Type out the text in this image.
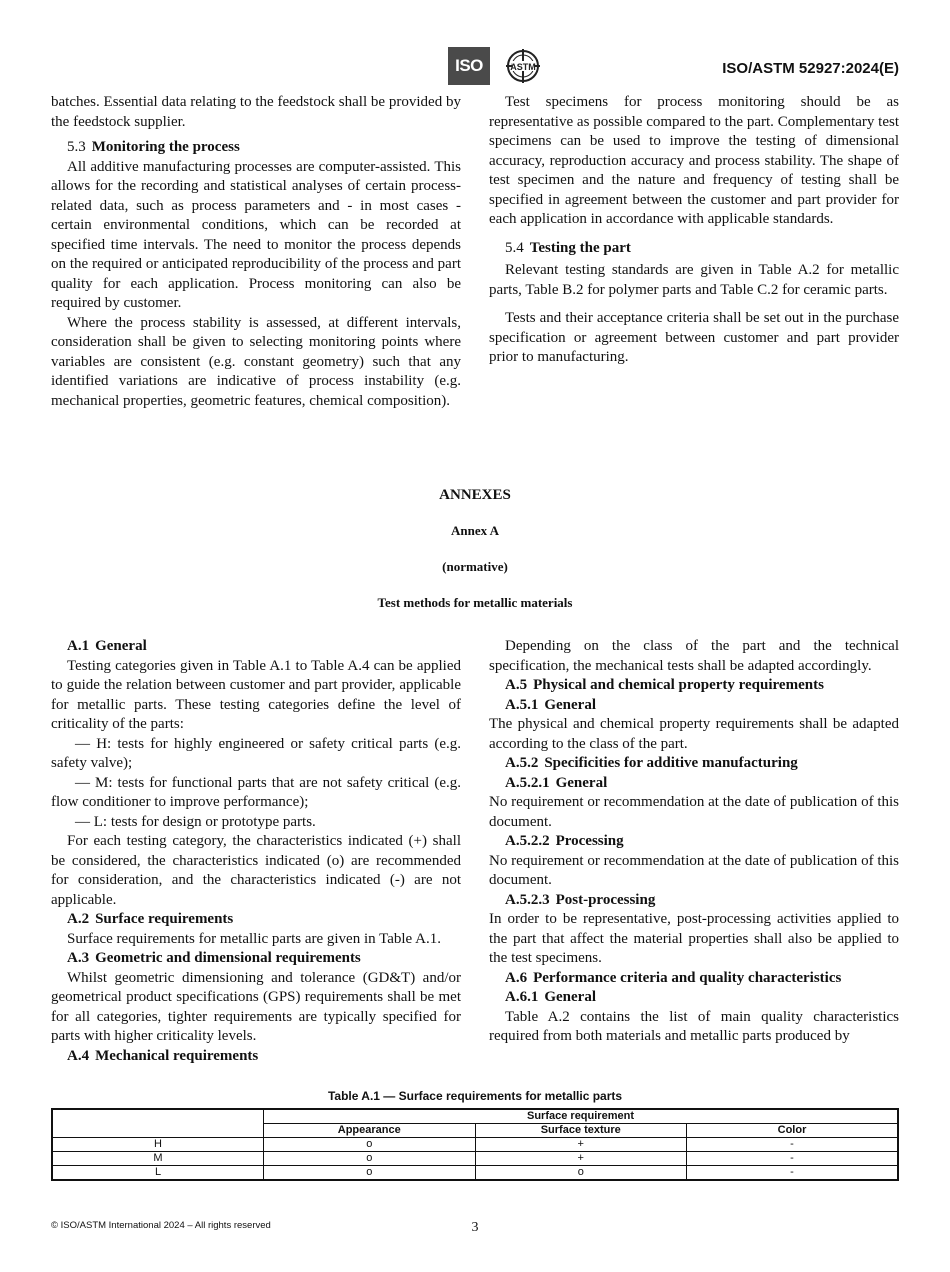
ISO	ASTM	ISO/ASTM 52927:2024(E)

batches. Essential data relating to the feedstock shall be provided by the feedstock supplier.

5.3 Monitoring the process

All additive manufacturing processes are computer-assisted. This allows for the recording and statistical analyses of certain process-related data, such as process parameters and - in most cases - certain environmental conditions, which can be recorded at specified time intervals. The need to monitor the process depends on the required or anticipated reproducibility of the process and part quality for each application. Process monitoring can also be required by customer.

Where the process stability is assessed, at different intervals, consideration shall be given to selecting monitoring points where variables are consistent (e.g. constant geometry) such that any identified variations are indicative of process instability (e.g. mechanical properties, geometric features, chemical composition).

Test specimens for process monitoring should be as representative as possible compared to the part. Complementary test specimens can be used to improve the testing of dimensional accuracy, reproduction accuracy and process stability. The shape of test specimen and the nature and frequency of testing shall be specified in agreement between the customer and part provider for each application in accordance with applicable standards.

5.4 Testing the part

Relevant testing standards are given in Table A.2 for metallic parts, Table B.2 for polymer parts and Table C.2 for ceramic parts.

Tests and their acceptance criteria shall be set out in the purchase specification or agreement between customer and part provider prior to manufacturing.

ANNEXES
Annex A
(normative)
Test methods for metallic materials
A.1 General

Testing categories given in Table A.1 to Table A.4 can be applied to guide the relation between customer and part provider, applicable for metallic parts. These testing categories define the level of criticality of the parts:

— H: tests for highly engineered or safety critical parts (e.g. safety valve);

— M: tests for functional parts that are not safety critical (e.g. flow conditioner to improve performance);

— L: tests for design or prototype parts.

For each testing category, the characteristics indicated (+) shall be considered, the characteristics indicated (o) are recommended for consideration, and the characteristics indicated (-) are not applicable.

A.2 Surface requirements

Surface requirements for metallic parts are given in Table A.1.

A.3 Geometric and dimensional requirements

Whilst geometric dimensioning and tolerance (GD&T) and/or geometrical product specifications (GPS) requirements shall be met for all categories, tighter requirements are typically specified for parts with higher criticality levels.

A.4 Mechanical requirements

Depending on the class of the part and the technical specification, the mechanical tests shall be adapted accordingly.

A.5 Physical and chemical property requirements
A.5.1 General

The physical and chemical property requirements shall be adapted according to the class of the part.

A.5.2 Specificities for additive manufacturing
A.5.2.1 General

No requirement or recommendation at the date of publication of this document.

A.5.2.2 Processing

No requirement or recommendation at the date of publication of this document.

A.5.2.3 Post-processing

In order to be representative, post-processing activities applied to the part that affect the material properties shall also be applied to the test specimens.

A.6 Performance criteria and quality characteristics
A.6.1 General

Table A.2 contains the list of main quality characteristics required from both materials and metallic parts produced by

Table A.1 — Surface requirements for metallic parts
	Surface requirement		
	Appearance	Surface texture	Color
H	o	+	-
M	o	+	-
L	o	o	-
© ISO/ASTM International 2024 – All rights reserved	3
